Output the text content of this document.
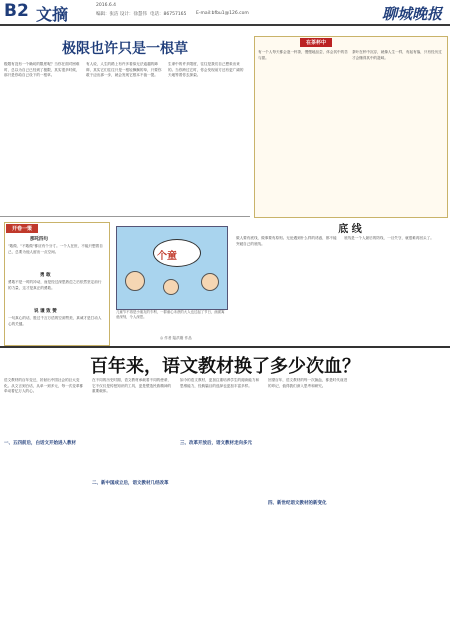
B2 文摘	2016.6.4
编辑：张洁 设计：徐慧伟 电话：86757165 E-mail:bfbu1@126.com	聊城晚报
极限也许只是一根草
极限有没有一个确切的限度呢？当你在面对困难时，总以为自己已经到了极限，其实很多时候，那只是你给自己设下的一根草。
有人说，人生的路上有许多看似无法逾越的障碍，其实它们往往只是一根轻飘飘的草，只要你敢于迈出那一步，就会发现它根本不值一提。
生命中的许多限度，往往是我们自己想象出来的。当你跨过它时，你会发现前方还有更广阔的天地等着你去探索。
开卷一策
那吒四句
"敢做、"不敢做"都应有个分寸。一个人在世，不能只想着自己，总要为他人留出一点空间。
勇 敢
勇敢不是一时的冲动，而是经过深思熟虑之后依然坚定前行的力量，这才是真正的勇敢。
说 谦 致 赞
一句真心的话，胜过千言万语的空洞赞美，真诚才是打动人心的关键。
个童
儿童节不再是小朋友的专利，一群童心未泯的大人也过起了节日，画面寓意深刻，令人深思。
◎ 作者 陆洪刚 作品
在茶杯中
有一个人每天都会泡一杯茶，慢慢地品尝，体会其中的苦与甜。
茶叶在杯中沉浮，就像人生一样，有起有落，只有经历过才会懂得其中的滋味。
底 线
做人要有底线，做事要有原则。无论遇到什么样的诱惑，都不能突破自己的底线。
底线是一个人最后的防线，一旦失守，就很难再回头了。
百年来，语文教材换了多少次血？
语文教材的百年变迁，折射出中国社会的巨大变化。从文言到白话，从单一到多元，每一次变革都牵动着亿万人的心。
一、五四前后，白话文开始进入教材
在不同的历史时期，语文教材承载着不同的使命，它不仅仅是传授知识的工具，更是塑造民族精神的重要载体。
二、新中国成立后，语文教材几经改革
如今的语文教材，更加注重培养学生的阅读能力和思维能力，经典篇目的选择也更加丰富多样。
三、改革开放后，语文教材走向多元
回望百年，语文教材的每一次换血，都是时代前进的印记，值得我们深入思考和研究。
四、新世纪语文教材的新变化
